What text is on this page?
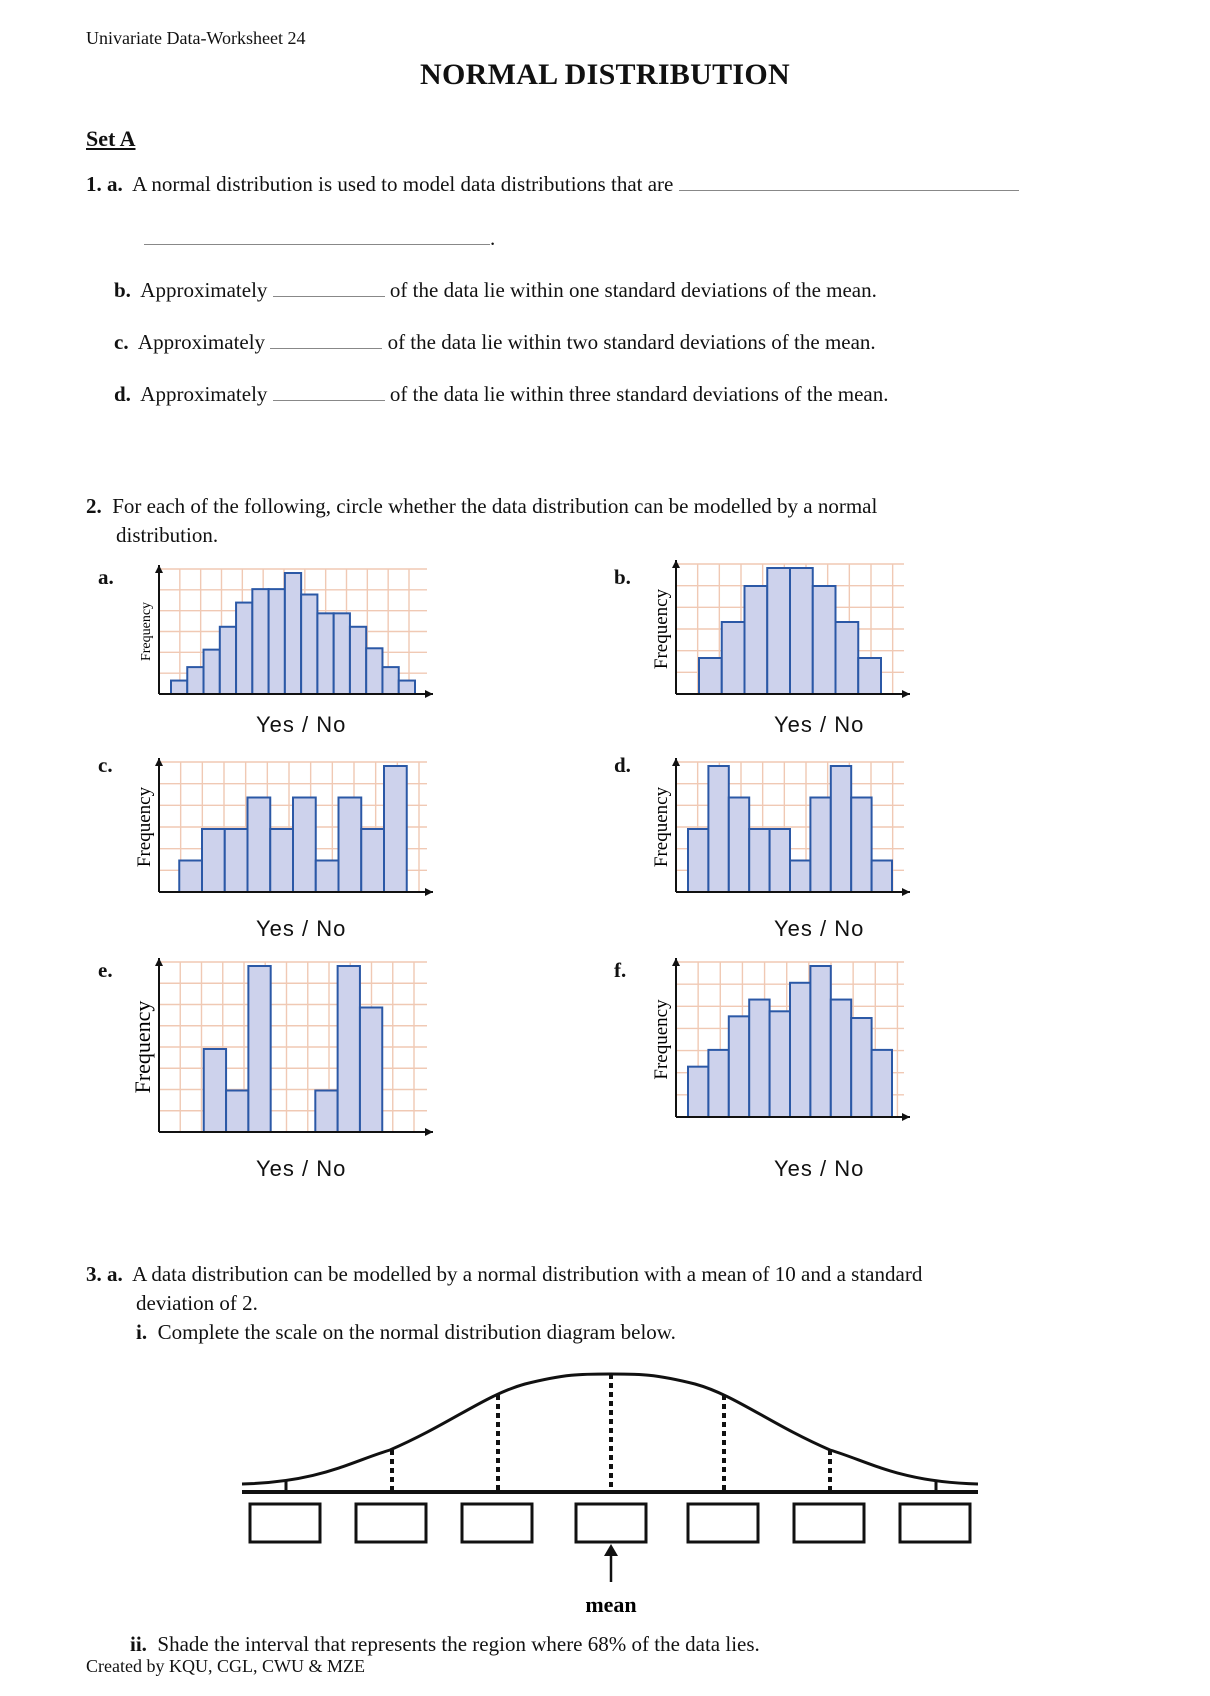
Univariate Data-Worksheet 24
NORMAL DISTRIBUTION
Set A
1. a. A normal distribution is used to model data distributions that are
.
b. Approximately	of the data lie within one standard deviations of the mean.
c. Approximately	of the data lie within two standard deviations of the mean.
d. Approximately	of the data lie within three standard deviations of the mean.
2. For each of the following, circle whether the data distribution can be modelled by a normal
distribution.
a.	b.
c.	d.
e.	f.
Frequency	Frequency
Frequency	Frequency
Frequency	Frequency
Yes / No	Yes / No
Yes / No	Yes / No
Yes / No	Yes / No
3. a. A data distribution can be modelled by a normal distribution with a mean of 10 and a standard
deviation of 2.
i. Complete the scale on the normal distribution diagram below.
mean
ii. Shade the interval that represents the region where 68% of the data lies.
Created by KQU, CGL, CWU & MZE
